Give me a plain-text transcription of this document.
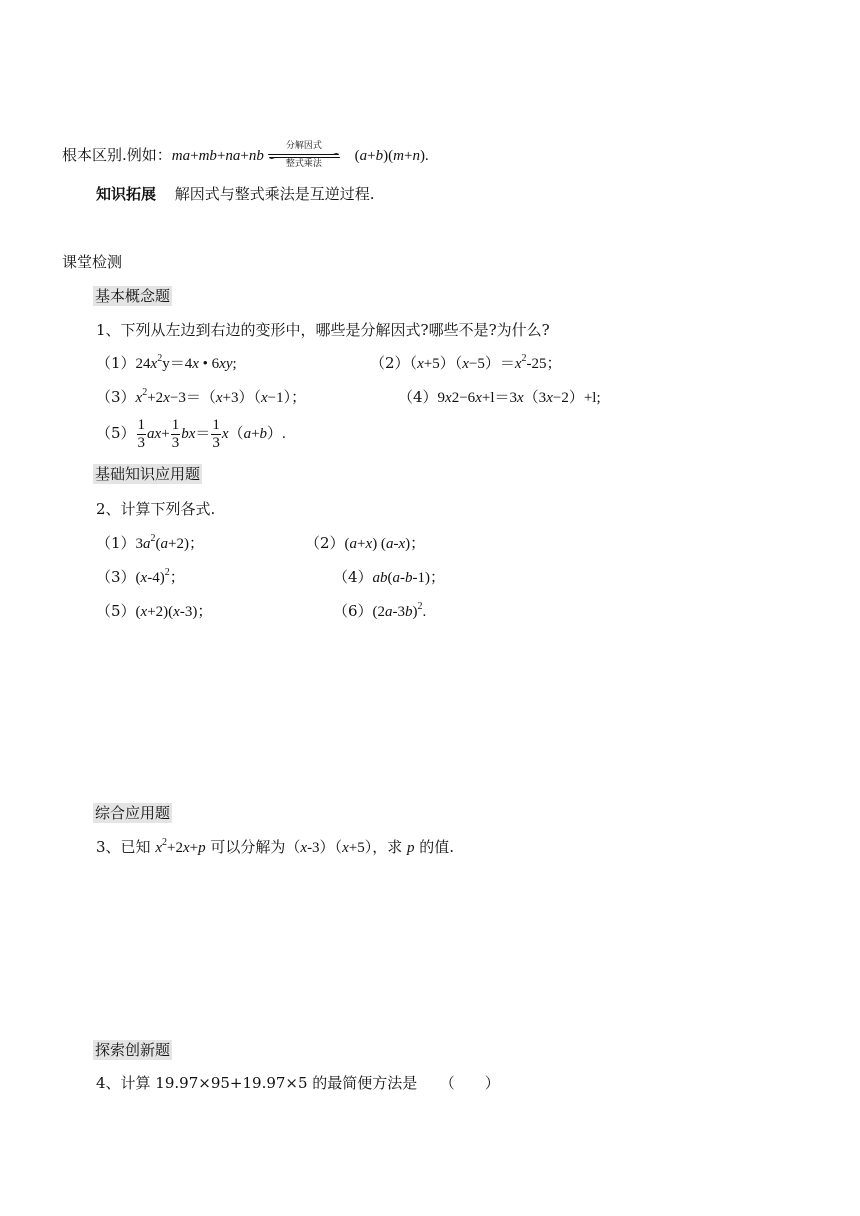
根本区别.例如：ma+mb+na+nb
分解因式
整式乘法	(a+b)(m+n).
知识拓展 解因式与整式乘法是互逆过程.
课堂检测
基本概念题
1、下列从左边到右边的变形中，哪些是分解因式?哪些不是?为什么?
$(1)24x^2y=4x$ • 6xy;	$(2)(x+5)(x-5)=x^2-25$；
$(3)x^2+2x-3=(x+3)(x-1)$；	（4）9x2−6x+l＝3x（3x−2）+l;
$(5) \frac{1}{3} ax+ \frac{1}{3} bx= \frac{1}{3} x(a+b)$.
基础知识应用题
2、计算下列各式.
$(1)3a^2(a+2)$；	（2）(a+x) (a-x)；
$(3)(x-4)^2$；	（4）ab(a-b-1)；
（5）(x+2)(x-3)；	$(6)(2a-3b)^2$.
综合应用题
3、已知 $x^2+2x+p$ 可以分解为（x-3）（x+5），求 p 的值.
探索创新题
4、计算 19.97×95+19.97×5 的最简便方法是　　（　　）
